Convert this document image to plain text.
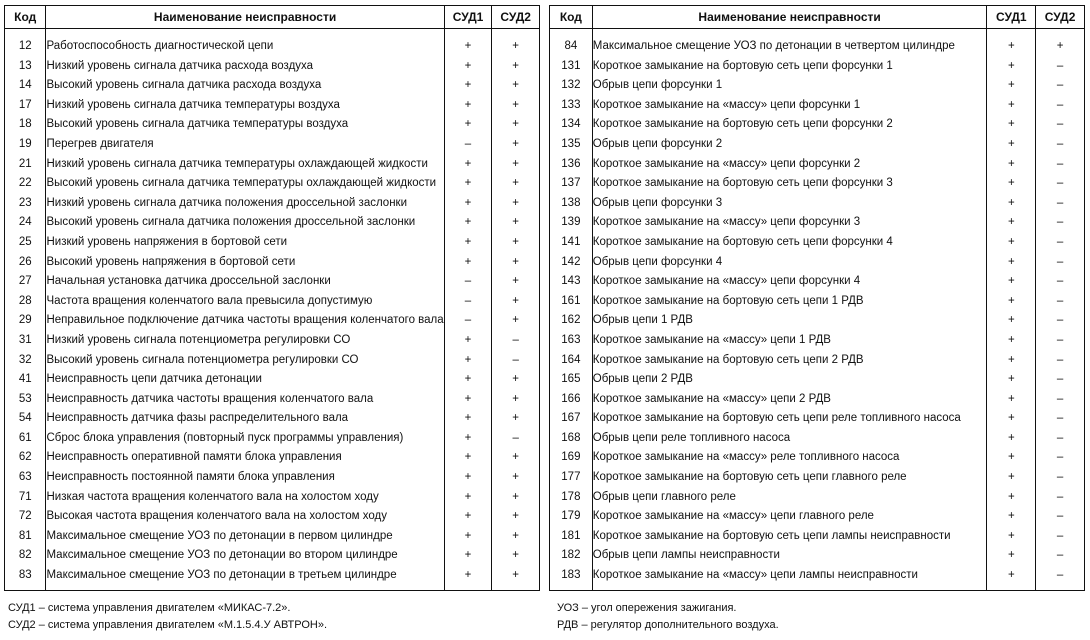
Код	Наименование неисправности	СУД1	СУД2

12	Работоспособность диагностической цепи	+	+
13	Низкий уровень сигнала датчика расхода воздуха	+	+
14	Высокий уровень сигнала датчика расхода воздуха	+	+
17	Низкий уровень сигнала датчика температуры воздуха	+	+
18	Высокий уровень сигнала датчика температуры воздуха	+	+
19	Перегрев двигателя	–	+
21	Низкий уровень сигнала датчика температуры охлаждающей жидкости	+	+
22	Высокий уровень сигнала датчика температуры охлаждающей жидкости	+	+
23	Низкий уровень сигнала датчика положения дроссельной заслонки	+	+
24	Высокий уровень сигнала датчика положения дроссельной заслонки	+	+
25	Низкий уровень напряжения в бортовой сети	+	+
26	Высокий уровень напряжения в бортовой сети	+	+
27	Начальная установка датчика дроссельной заслонки	–	+
28	Частота вращения коленчатого вала превысила допустимую	–	+
29	Неправильное подключение датчика частоты вращения коленчатого вала	–	+
31	Низкий уровень сигнала потенциометра регулировки СО	+	–
32	Высокий уровень сигнала потенциометра регулировки СО	+	–
41	Неисправность цепи датчика детонации	+	+
53	Неисправность датчика частоты вращения коленчатого вала	+	+
54	Неисправность датчика фазы распределительного вала	+	+
61	Сброс блока управления (повторный пуск программы управления)	+	–
62	Неисправность оперативной памяти блока управления	+	+
63	Неисправность постоянной памяти блока управления	+	+
71	Низкая частота вращения коленчатого вала на холостом ходу	+	+
72	Высокая частота вращения коленчатого вала на холостом ходу	+	+
81	Максимальное смещение УОЗ по детонации в первом цилиндре	+	+
82	Максимальное смещение УОЗ по детонации во втором цилиндре	+	+
83	Максимальное смещение УОЗ по детонации в третьем цилиндре	+	+

Код	Наименование неисправности	СУД1	СУД2

84	Максимальное смещение УОЗ по детонации в четвертом цилиндре	+	+
131	Короткое замыкание на бортовую сеть цепи форсунки 1	+	–
132	Обрыв цепи форсунки 1	+	–
133	Короткое замыкание на «массу» цепи форсунки 1	+	–
134	Короткое замыкание на бортовую сеть цепи форсунки 2	+	–
135	Обрыв цепи форсунки 2	+	–
136	Короткое замыкание на «массу» цепи форсунки 2	+	–
137	Короткое замыкание на бортовую сеть цепи форсунки 3	+	–
138	Обрыв цепи форсунки 3	+	–
139	Короткое замыкание на «массу» цепи форсунки 3	+	–
141	Короткое замыкание на бортовую сеть цепи форсунки 4	+	–
142	Обрыв цепи форсунки 4	+	–
143	Короткое замыкание на «массу» цепи форсунки 4	+	–
161	Короткое замыкание на бортовую сеть цепи 1 РДВ	+	–
162	Обрыв цепи 1 РДВ	+	–
163	Короткое замыкание на «массу» цепи 1 РДВ	+	–
164	Короткое замыкание на бортовую сеть цепи 2 РДВ	+	–
165	Обрыв цепи 2 РДВ	+	–
166	Короткое замыкание на «массу» цепи 2 РДВ	+	–
167	Короткое замыкание на бортовую сеть цепи реле топливного насоса	+	–
168	Обрыв цепи реле топливного насоса	+	–
169	Короткое замыкание на «массу» реле топливного насоса	+	–
177	Короткое замыкание на бортовую сеть цепи главного реле	+	–
178	Обрыв цепи главного реле	+	–
179	Короткое замыкание на «массу» цепи главного реле	+	–
181	Короткое замыкание на бортовую сеть цепи лампы неисправности	+	–
182	Обрыв цепи лампы неисправности	+	–
183	Короткое замыкание на «массу» цепи лампы неисправности	+	–

СУД1 – система управления двигателем «МИКАС-7.2».
СУД2 – система управления двигателем «М.1.5.4.У АВТРОН».
УОЗ – угол опережения зажигания.
РДВ – регулятор дополнительного воздуха.
